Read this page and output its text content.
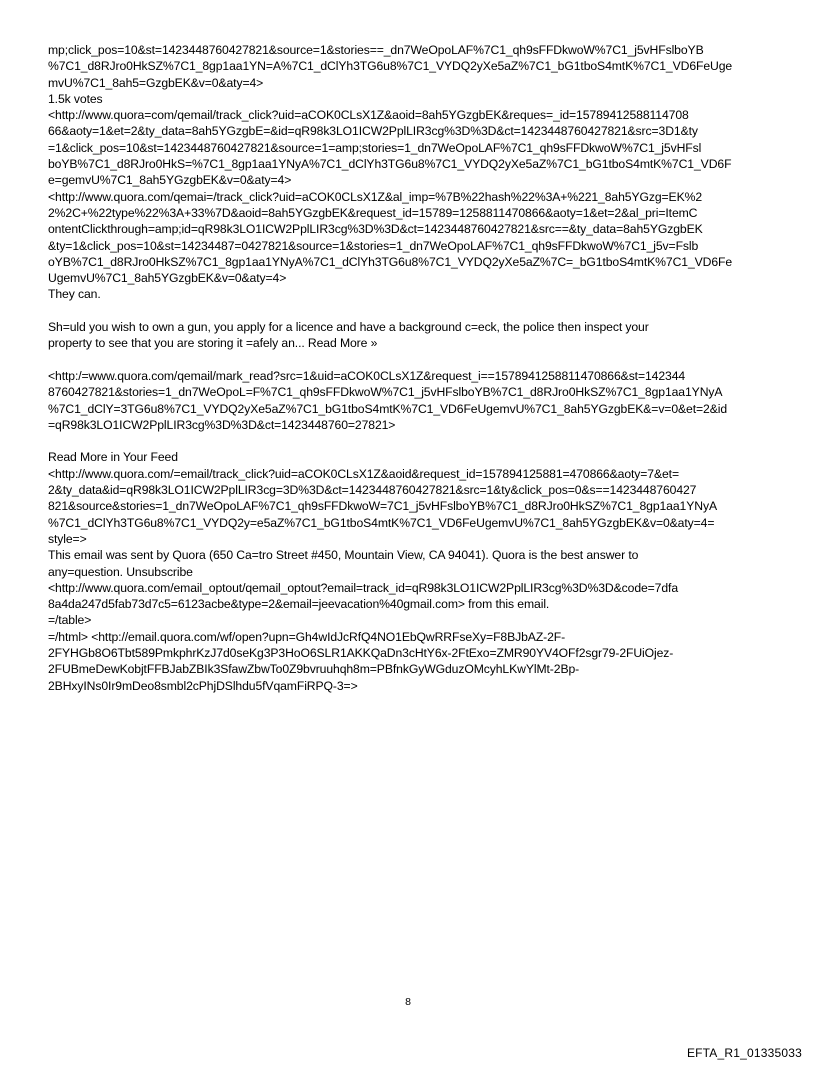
mp;click_pos=10&st=1423448760427821&source=1&stories==_dn7WeOpoLAF%7C1_qh9sFFDkwoW%7C1_j5vHFslboYB
%7C1_d8RJro0HkSZ%7C1_8gp1aa1YN=A%7C1_dClYh3TG6u8%7C1_VYDQ2yXe5aZ%7C1_bG1tboS4mtK%7C1_VD6FeUge
mvU%7C1_8ah5=GzgbEK&v=0&aty=4>
1.5k votes
<http://www.quora=com/qemail/track_click?uid=aCOK0CLsX1Z&aoid=8ah5YGzgbEK&reques=_id=15789412588114708
66&aoty=1&et=2&ty_data=8ah5YGzgbE=&id=qR98k3LO1ICW2PplLIR3cg%3D%3D&ct=1423448760427821&src=3D1&ty
=1&click_pos=10&st=1423448760427821&source=1=amp;stories=1_dn7WeOpoLAF%7C1_qh9sFFDkwoW%7C1_j5vHFsl
boYB%7C1_d8RJro0HkS=%7C1_8gp1aa1YNyA%7C1_dClYh3TG6u8%7C1_VYDQ2yXe5aZ%7C1_bG1tboS4mtK%7C1_VD6F
e=gemvU%7C1_8ah5YGzgbEK&v=0&aty=4>
<http://www.quora.com/qemai=/track_click?uid=aCOK0CLsX1Z&al_imp=%7B%22hash%22%3A+%221_8ah5YGzg=EK%2
2%2C+%22type%22%3A+33%7D&aoid=8ah5YGzgbEK&request_id=15789=1258811470866&aoty=1&et=2&al_pri=ItemC
ontentClickthrough=amp;id=qR98k3LO1ICW2PplLIR3cg%3D%3D&ct=1423448760427821&src==&ty_data=8ah5YGzgbEK
&ty=1&click_pos=10&st=14234487=0427821&source=1&stories=1_dn7WeOpoLAF%7C1_qh9sFFDkwoW%7C1_j5v=Fslb
oYB%7C1_d8RJro0HkSZ%7C1_8gp1aa1YNyA%7C1_dClYh3TG6u8%7C1_VYDQ2yXe5aZ%7C=_bG1tboS4mtK%7C1_VD6Fe
UgemvU%7C1_8ah5YGzgbEK&v=0&aty=4>
They can.
Sh=uld you wish to own a gun, you apply for a licence and have a background c=eck, the police then inspect your
property to see that you are storing it =afely an... Read More »
<http:/=www.quora.com/qemail/mark_read?src=1&uid=aCOK0CLsX1Z&request_i==1578941258811470866&st=142344
8760427821&stories=1_dn7WeOpoL=F%7C1_qh9sFFDkwoW%7C1_j5vHFslboYB%7C1_d8RJro0HkSZ%7C1_8gp1aa1YNyA
%7C1_dClY=3TG6u8%7C1_VYDQ2yXe5aZ%7C1_bG1tboS4mtK%7C1_VD6FeUgemvU%7C1_8ah5YGzgbEK&=v=0&et=2&id
=qR98k3LO1ICW2PplLIR3cg%3D%3D&ct=1423448760=27821>
Read More in Your Feed
<http://www.quora.com/=email/track_click?uid=aCOK0CLsX1Z&aoid&request_id=157894125881=470866&aoty=7&et=
2&ty_data&id=qR98k3LO1ICW2PplLIR3cg=3D%3D&ct=1423448760427821&src=1&ty&click_pos=0&s==1423448760427
821&source&stories=1_dn7WeOpoLAF%7C1_qh9sFFDkwoW=7C1_j5vHFslboYB%7C1_d8RJro0HkSZ%7C1_8gp1aa1YNyA
%7C1_dClYh3TG6u8%7C1_VYDQ2y=e5aZ%7C1_bG1tboS4mtK%7C1_VD6FeUgemvU%7C1_8ah5YGzgbEK&v=0&aty=4=
style=>
This email was sent by Quora (650 Ca=tro Street #450, Mountain View, CA 94041). Quora is the best answer to
any=question. Unsubscribe
<http://www.quora.com/email_optout/qemail_optout?email=track_id=qR98k3LO1ICW2PplLIR3cg%3D%3D&code=7dfa
8a4da247d5fab73d7c5=6123acbe&type=2&email=jeevacation%40gmail.com> from this email.
=/table>
=/html> <http://email.quora.com/wf/open?upn=Gh4wIdJcRfQ4NO1EbQwRRFseXy=F8BJbAZ-2F-
2FYHGb8O6Tbt589PmkphrKzJ7d0seKg3P3HoO6SLR1AKKQaDn3cHtY6x-2FtExo=ZMR90YV4OFf2sgr79-2FUiOjez-
2FUBmeDewKobjtFFBJabZBIk3SfawZbwTo0Z9bvruuhqh8m=PBfnkGyWGduzOMcyhLKwYlMt-2Bp-
2BHxyINs0Ir9mDeo8smbl2cPhjDSlhdu5fVqamFiRPQ-3=>
8
EFTA_R1_01335033
